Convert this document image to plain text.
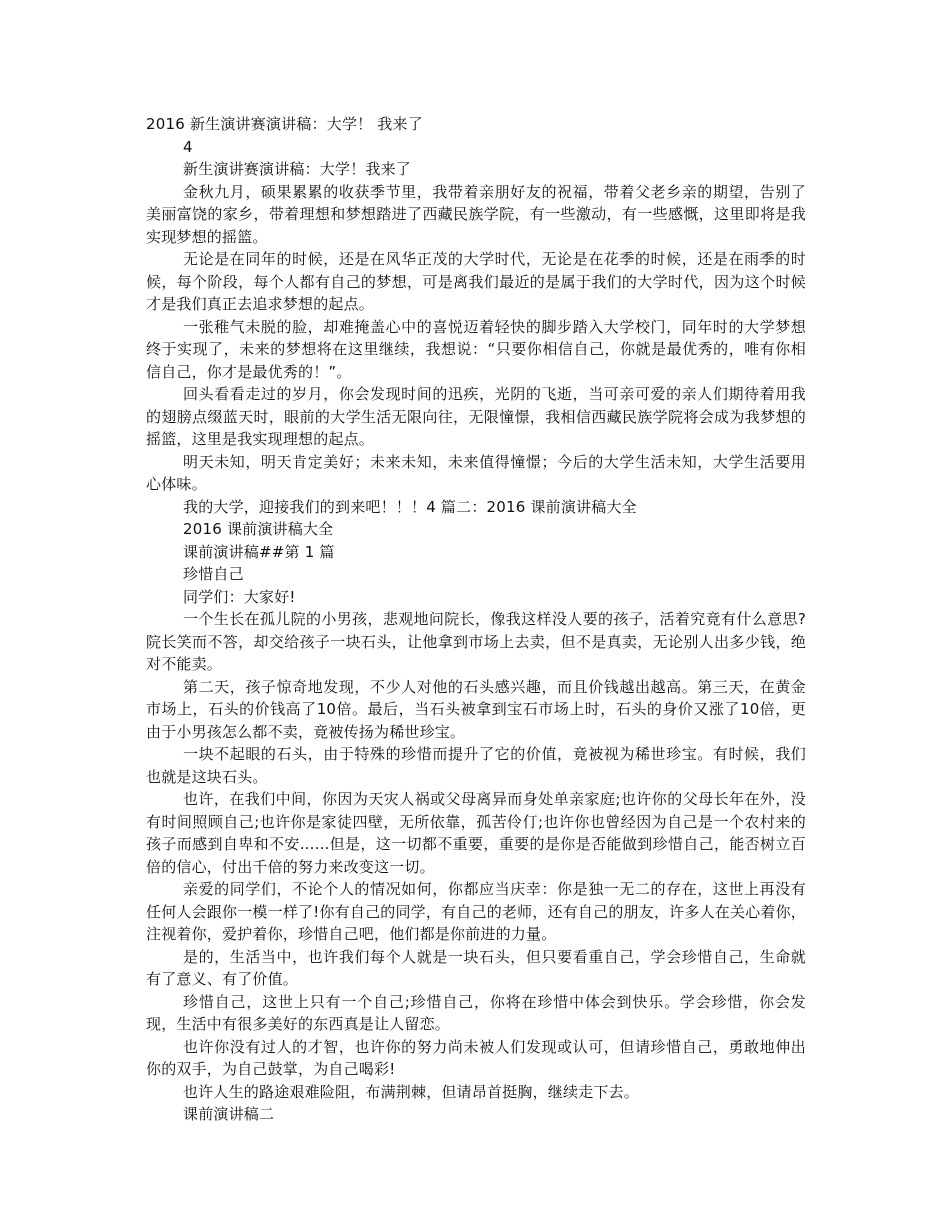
2016 新生演讲赛演讲稿：大学！ 我来了
4
新生演讲赛演讲稿：大学！我来了

金秋九月，硕果累累的收获季节里，我带着亲朋好友的祝福，带着父老乡亲的期望，告别了美丽富饶的家乡，带着理想和梦想踏进了西藏民族学院，有一些激动，有一些感慨，这里即将是我实现梦想的摇篮。

无论是在同年的时候，还是在风华正茂的大学时代，无论是在花季的时候，还是在雨季的时候，每个阶段，每个人都有自己的梦想，可是离我们最近的是属于我们的大学时代，因为这个时候才是我们真正去追求梦想的起点。

一张稚气未脱的脸，却难掩盖心中的喜悦迈着轻快的脚步踏入大学校门，同年时的大学梦想终于实现了，未来的梦想将在这里继续，我想说：“只要你相信自己，你就是最优秀的，唯有你相信自己，你才是最优秀的！”。

回头看看走过的岁月，你会发现时间的迅疾，光阴的飞逝，当可亲可爱的亲人们期待着用我的翅膀点缀蓝天时，眼前的大学生活无限向往，无限憧憬，我相信西藏民族学院将会成为我梦想的摇篮，这里是我实现理想的起点。

明天未知，明天肯定美好；未来未知，未来值得憧憬；今后的大学生活未知，大学生活要用心体味。

我的大学，迎接我们的到来吧！！！4 篇二：2016 课前演讲稿大全
2016 课前演讲稿大全
课前演讲稿##第 1 篇
珍惜自己
同学们：大家好!

一个生长在孤儿院的小男孩，悲观地问院长，像我这样没人要的孩子，活着究竟有什么意思?院长笑而不答，却交给孩子一块石头，让他拿到市场上去卖，但不是真卖，无论别人出多少钱，绝对不能卖。

第二天，孩子惊奇地发现，不少人对他的石头感兴趣，而且价钱越出越高。第三天，在黄金市场上，石头的价钱高了10倍。最后，当石头被拿到宝石市场上时，石头的身价又涨了10倍，更由于小男孩怎么都不卖，竟被传扬为稀世珍宝。

一块不起眼的石头，由于特殊的珍惜而提升了它的价值，竟被视为稀世珍宝。有时候，我们也就是这块石头。

也许，在我们中间，你因为天灾人祸或父母离异而身处单亲家庭;也许你的父母长年在外，没有时间照顾自己;也许你是家徒四壁，无所依靠，孤苦伶仃;也许你也曾经因为自己是一个农村来的孩子而感到自卑和不安......但是，这一切都不重要，重要的是你是否能做到珍惜自己，能否树立百倍的信心，付出千倍的努力来改变这一切。

亲爱的同学们，不论个人的情况如何，你都应当庆幸：你是独一无二的存在，这世上再没有任何人会跟你一模一样了!你有自己的同学，有自己的老师，还有自己的朋友，许多人在关心着你，注视着你，爱护着你，珍惜自己吧，他们都是你前进的力量。

是的，生活当中，也许我们每个人就是一块石头，但只要看重自己，学会珍惜自己，生命就有了意义、有了价值。

珍惜自己，这世上只有一个自己;珍惜自己，你将在珍惜中体会到快乐。学会珍惜，你会发现，生活中有很多美好的东西真是让人留恋。

也许你没有过人的才智，也许你的努力尚未被人们发现或认可，但请珍惜自己，勇敢地伸出你的双手，为自己鼓掌，为自己喝彩!

也许人生的路途艰难险阻，布满荆棘，但请昂首挺胸，继续走下去。

课前演讲稿二
